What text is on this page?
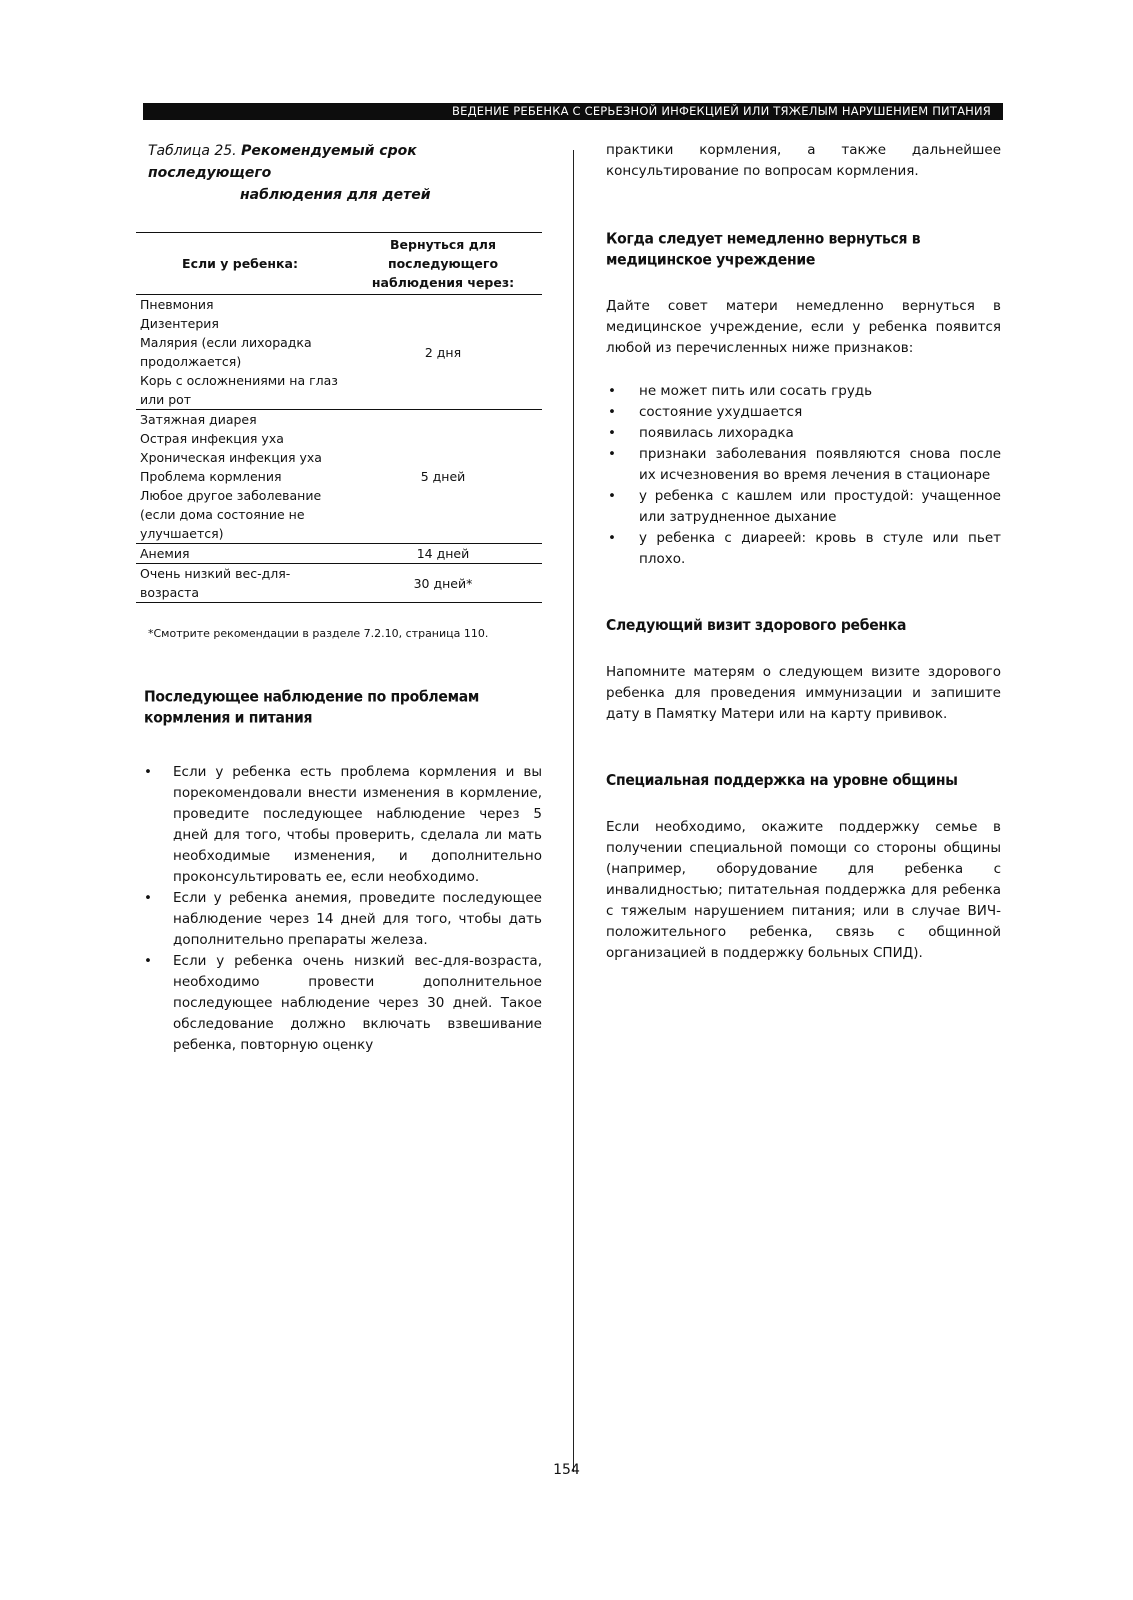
ВЕДЕНИЕ РЕБЕНКА С СЕРЬЕЗНОЙ ИНФЕКЦИЕЙ ИЛИ ТЯЖЕЛЫМ НАРУШЕНИЕМ ПИТАНИЯ

Таблица 25. Рекомендуемый срок последующего
наблюдения для детей

Если у ребенка:	Вернуться для последующего наблюдения через:

Пневмония
Дизентерия
Малярия (если лихорадка продолжается)
Корь с осложнениями на глаз или рот	2 дня

Затяжная диарея
Острая инфекция уха
Хроническая инфекция уха
Проблема кормления
Любое другое заболевание (если дома состояние не улучшается)	5 дней

Анемия	14 дней

Очень низкий вес-для-возраста	30 дней*
*Смотрите рекомендации в разделе 7.2.10, страница 110.
Последующее наблюдение по проблемам кормления и питания
• Если у ребенка есть проблема кормления и вы порекомендовали внести изменения в кормление, проведите последующее наблюдение через 5 дней для того, чтобы проверить, сделала ли мать необходимые изменения, и дополнительно проконсультировать ее, если необходимо.
• Если у ребенка анемия, проведите последующее наблюдение через 14 дней для того, чтобы дать дополнительно препараты железа.
• Если у ребенка очень низкий вес-для-возраста, необходимо провести дополнительное последующее наблюдение через 30 дней. Такое обследование должно включать взвешивание ребенка, повторную оценку

практики кормления, а также дальнейшее консультирование по вопросам кормления.

Когда следует немедленно вернуться в медицинское учреждение

Дайте совет матери немедленно вернуться в медицинское учреждение, если у ребенка появится любой из перечисленных ниже признаков:

• не может пить или сосать грудь
• состояние ухудшается
• появилась лихорадка
• признаки заболевания появляются снова после их исчезновения во время лечения в стационаре
• у ребенка с кашлем или простудой: учащенное или затрудненное дыхание
• у ребенка с диареей: кровь в стуле или пьет плохо.
Следующий визит здорового ребенка

Напомните матерям о следующем визите здорового ребенка для проведения иммунизации и запишите дату в Памятку Матери или на карту прививок.

Специальная поддержка на уровне общины

Если необходимо, окажите поддержку семье в получении специальной помощи со стороны общины (например, оборудование для ребенка с инвалидностью; питательная поддержка для ребенка с тяжелым нарушением питания; или в случае ВИЧ-положительного ребенка, связь с общинной организацией в поддержку больных СПИД).

154
